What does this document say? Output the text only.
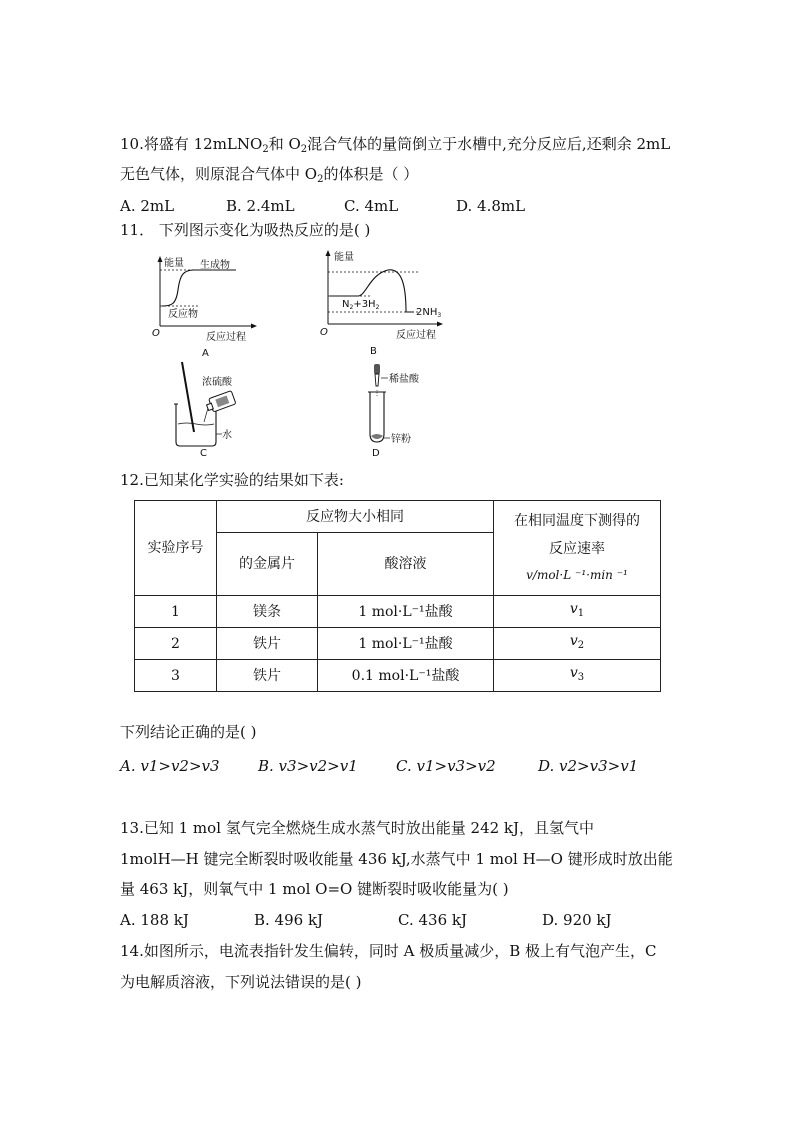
10.将盛有 12mLNO$_2$和 $O_2$混合气体的量筒倒立于水槽中,充分反应后,还剩余 2mL
无色气体，则原混合气体中 $O_2$的体积是（ ）
A. 2mL	B. 2.4mL	C. 4mL	D. 4.8mL
11． 下列图示变化为吸热反应的是( )
能量 生成物
反应物
O	反应过程
A
能量
$N_2+3H_2$	$2NH_3$
O	反应过程
B
浓硫酸
水
C
稀盐酸
锌粉
D
12.已知某化学实验的结果如下表:
实验序号	反应物大小相同		在相同温度下测得的
反应速率
v/mol·L ⁻¹·min ⁻¹

	的金属片	酸溶液	
1	镁条	1 mol·L⁻¹盐酸	$v_1$
2	铁片	1 mol·L⁻¹盐酸	$v_2$
3	铁片	0.1 mol·L⁻¹盐酸	$v_3$
下列结论正确的是( )
A. v1>v2>v3	B. v3>v2>v1	C. v1>v3>v2	D. v2>v3>v1
13.已知 1 mol 氢气完全燃烧生成水蒸气时放出能量 242 kJ，且氢气中
1molH—H 键完全断裂时吸收能量 436 kJ,水蒸气中 1 mol H—O 键形成时放出能
量 463 kJ，则氧气中 1 mol O=O 键断裂时吸收能量为( )
A. 188 kJ	B. 496 kJ	C. 436 kJ	D. 920 kJ
14.如图所示，电流表指针发生偏转，同时 A 极质量减少，B 极上有气泡产生，C
为电解质溶液，下列说法错误的是( )
